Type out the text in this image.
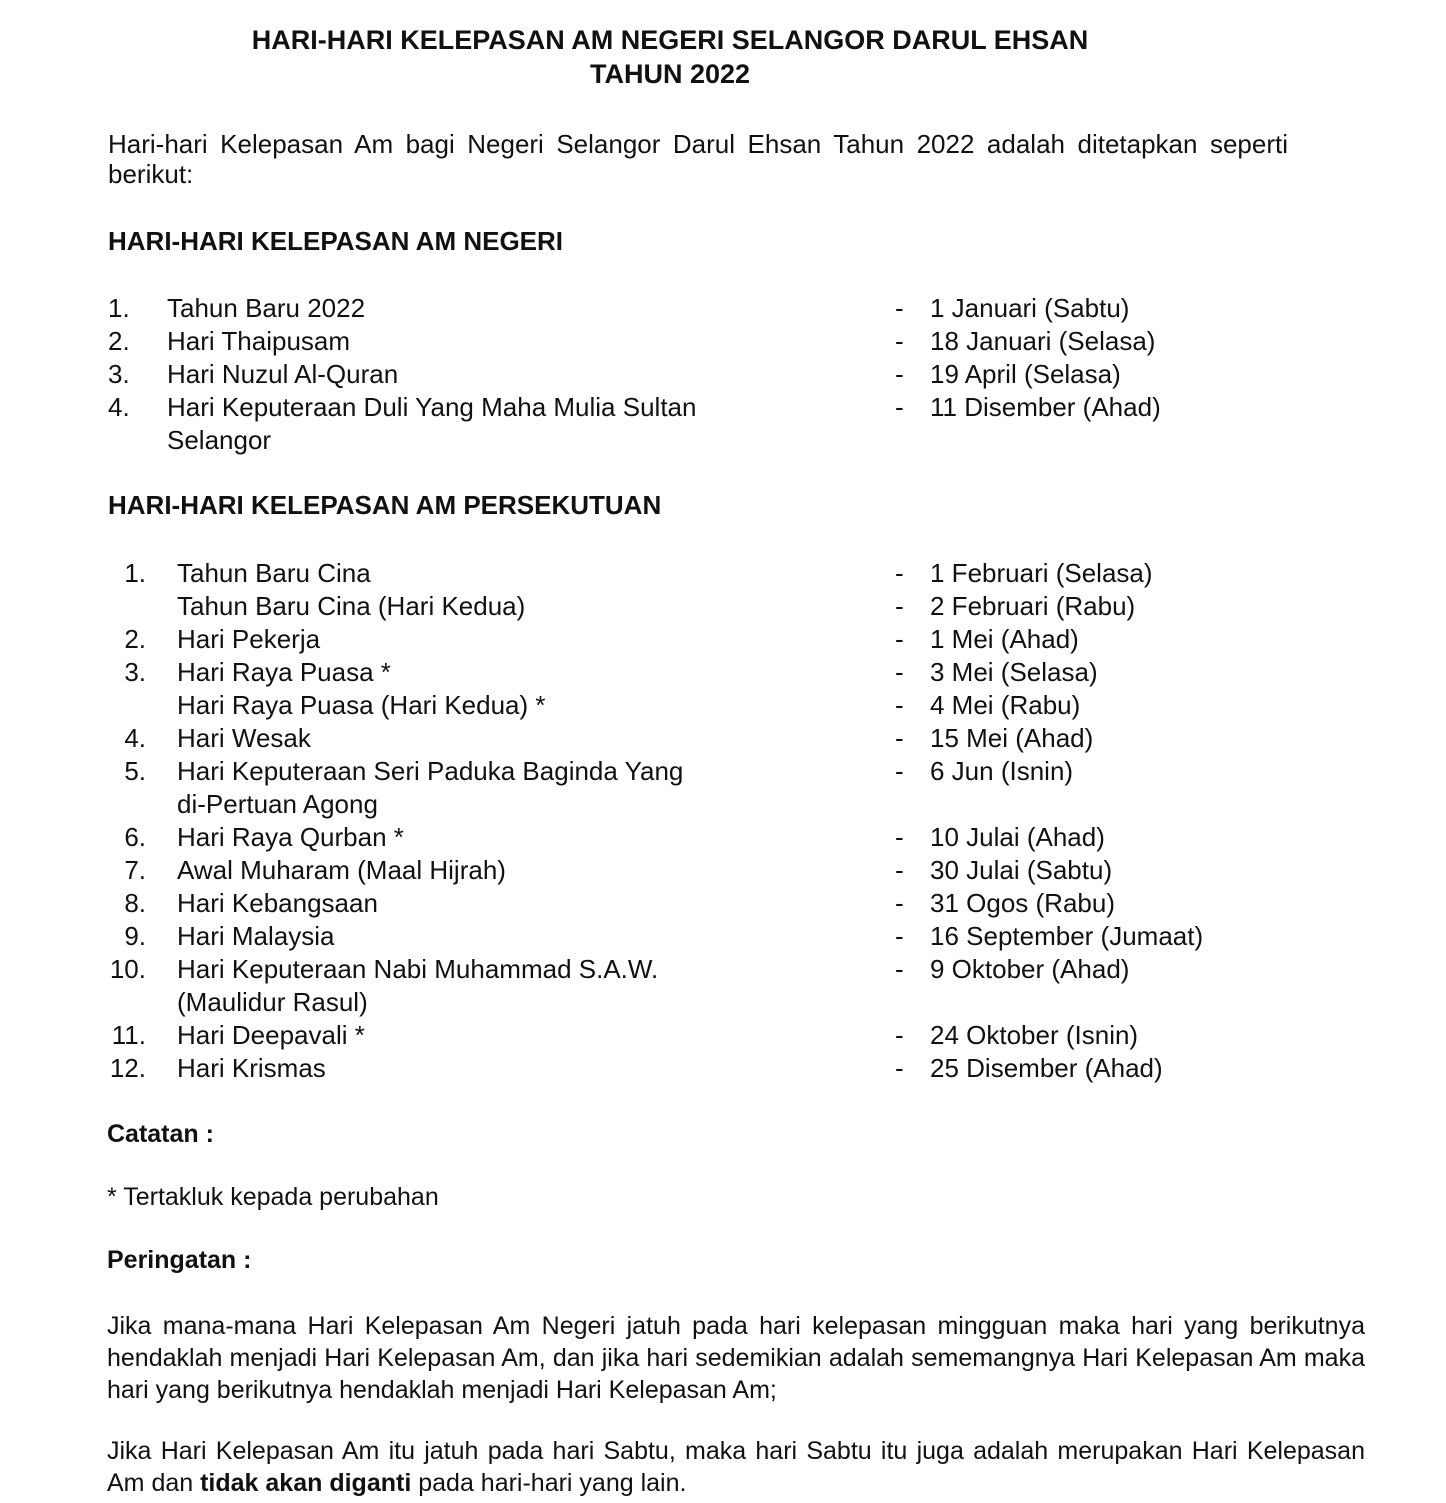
HARI-HARI KELEPASAN AM NEGERI SELANGOR DARUL EHSAN
TAHUN 2022
Hari-hari Kelepasan Am bagi Negeri Selangor Darul Ehsan Tahun 2022 adalah ditetapkan seperti berikut:
HARI-HARI KELEPASAN AM NEGERI
1. Tahun Baru 2022	- 1 Januari (Sabtu)
2. Hari Thaipusam	- 18 Januari (Selasa)
3. Hari Nuzul Al-Quran	- 19 April (Selasa)
4. Hari Keputeraan Duli Yang Maha Mulia Sultan	- 11 Disember (Ahad)
Selangor
HARI-HARI KELEPASAN AM PERSEKUTUAN
1. Tahun Baru Cina	- 1 Februari (Selasa)
Tahun Baru Cina (Hari Kedua)	- 2 Februari (Rabu)
2. Hari Pekerja	- 1 Mei (Ahad)
3. Hari Raya Puasa *	- 3 Mei (Selasa)
Hari Raya Puasa (Hari Kedua) *	- 4 Mei (Rabu)
4. Hari Wesak	- 15 Mei (Ahad)
5. Hari Keputeraan Seri Paduka Baginda Yang	- 6 Jun (Isnin)
di-Pertuan Agong
6. Hari Raya Qurban *	- 10 Julai (Ahad)
7. Awal Muharam (Maal Hijrah)	- 30 Julai (Sabtu)
8. Hari Kebangsaan	- 31 Ogos (Rabu)
9. Hari Malaysia	- 16 September (Jumaat)
10. Hari Keputeraan Nabi Muhammad S.A.W.	- 9 Oktober (Ahad)
(Maulidur Rasul)
11. Hari Deepavali *	- 24 Oktober (Isnin)
12. Hari Krismas	- 25 Disember (Ahad)
Catatan :
* Tertakluk kepada perubahan
Peringatan :
Jika mana-mana Hari Kelepasan Am Negeri jatuh pada hari kelepasan mingguan maka hari yang berikutnya hendaklah menjadi Hari Kelepasan Am, dan jika hari sedemikian adalah sememangnya Hari Kelepasan Am maka hari yang berikutnya hendaklah menjadi Hari Kelepasan Am;
Jika Hari Kelepasan Am itu jatuh pada hari Sabtu, maka hari Sabtu itu juga adalah merupakan Hari Kelepasan Am dan tidak akan diganti pada hari-hari yang lain.
